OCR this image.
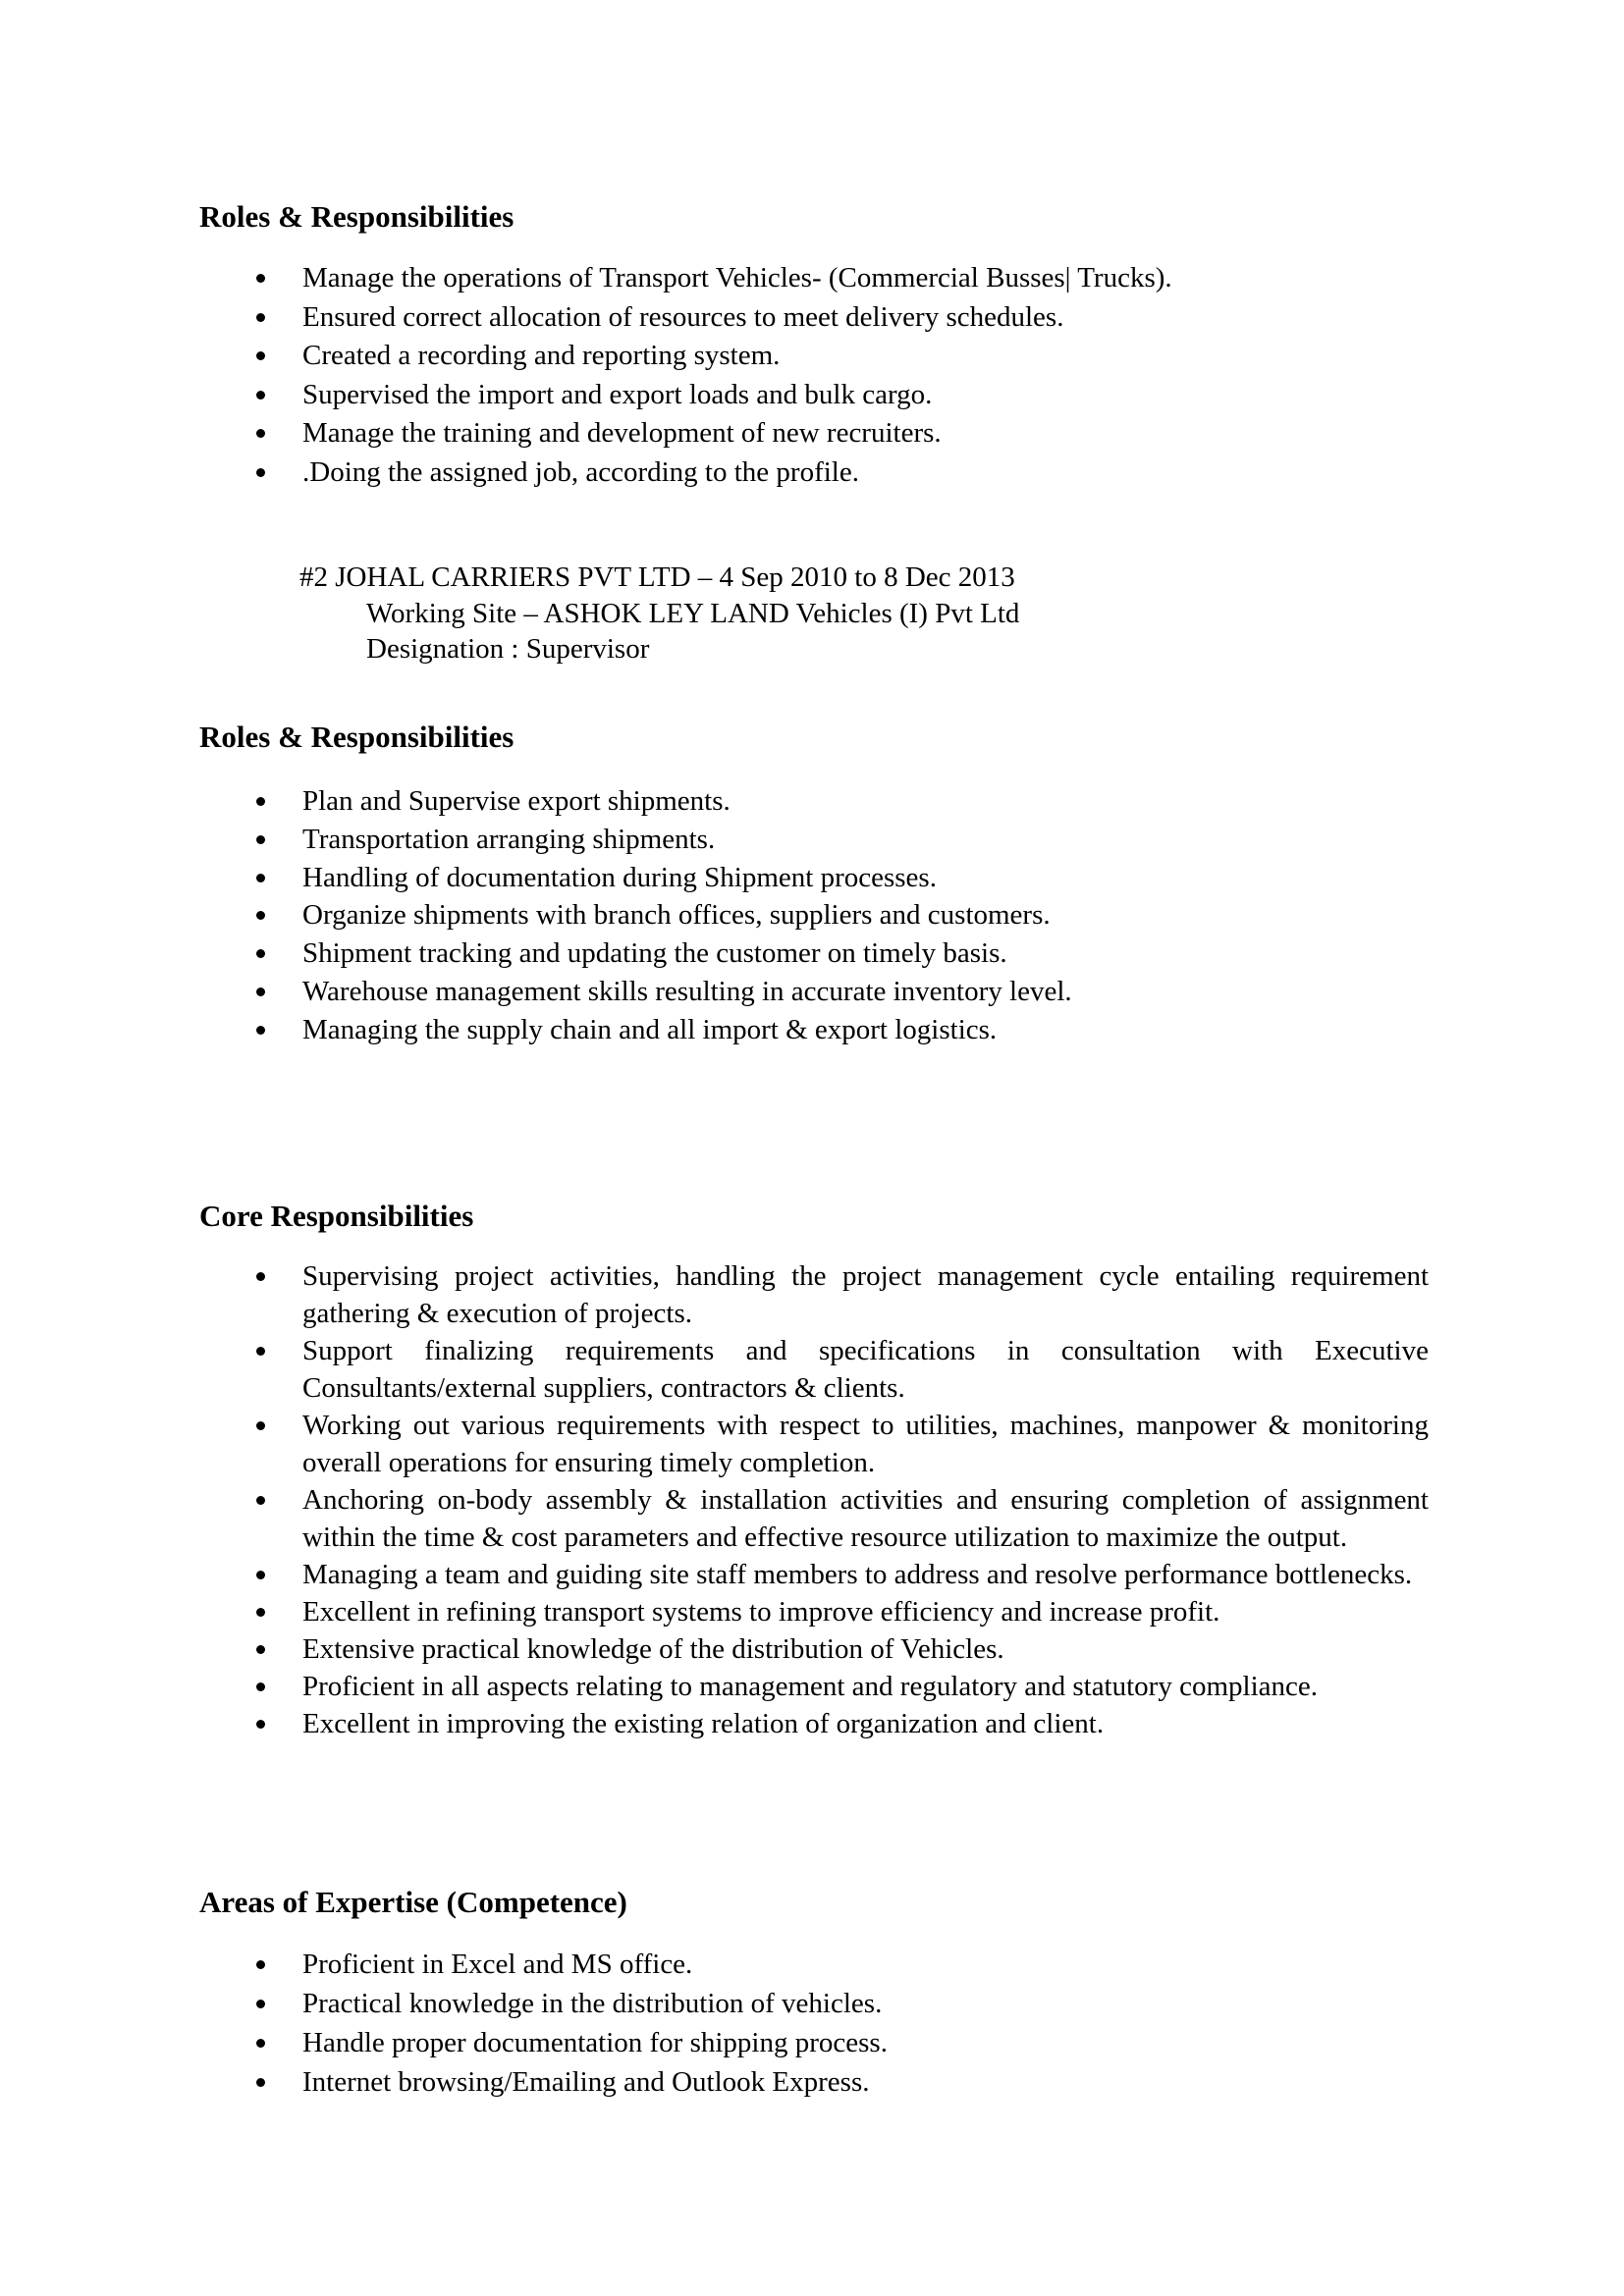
Roles & Responsibilities
Manage the operations of Transport Vehicles- (Commercial Busses| Trucks).
Ensured correct allocation of resources to meet delivery schedules.
Created a recording and reporting system.
Supervised the import and export loads and bulk cargo.
Manage the training and development of new recruiters.
.Doing the assigned job, according to the profile.
#2 JOHAL CARRIERS PVT LTD – 4 Sep 2010 to 8 Dec 2013
Working Site – ASHOK LEY LAND Vehicles (I) Pvt Ltd
Designation : Supervisor
Roles & Responsibilities
Plan and Supervise export shipments.
Transportation arranging shipments.
Handling of documentation during Shipment processes.
Organize shipments with branch offices, suppliers and customers.
Shipment tracking and updating the customer on timely basis.
Warehouse management skills resulting in accurate inventory level.
Managing the supply chain and all import & export logistics.
Core Responsibilities
Supervising project activities, handling the project management cycle entailing requirement gathering & execution of projects.
Support finalizing requirements and specifications in consultation with Executive Consultants/external suppliers, contractors & clients.
Working out various requirements with respect to utilities, machines, manpower & monitoring overall operations for ensuring timely completion.
Anchoring on-body assembly & installation activities and ensuring completion of assignment within the time & cost parameters and effective resource utilization to maximize the output.
Managing a team and guiding site staff members to address and resolve performance bottlenecks.
Excellent in refining transport systems to improve efficiency and increase profit.
Extensive practical knowledge of the distribution of Vehicles.
Proficient in all aspects relating to management and regulatory and statutory compliance.
Excellent in improving the existing relation of organization and client.
Areas of Expertise (Competence)
Proficient in Excel and MS office.
Practical knowledge in the distribution of vehicles.
Handle proper documentation for shipping process.
Internet browsing/Emailing and Outlook Express.
